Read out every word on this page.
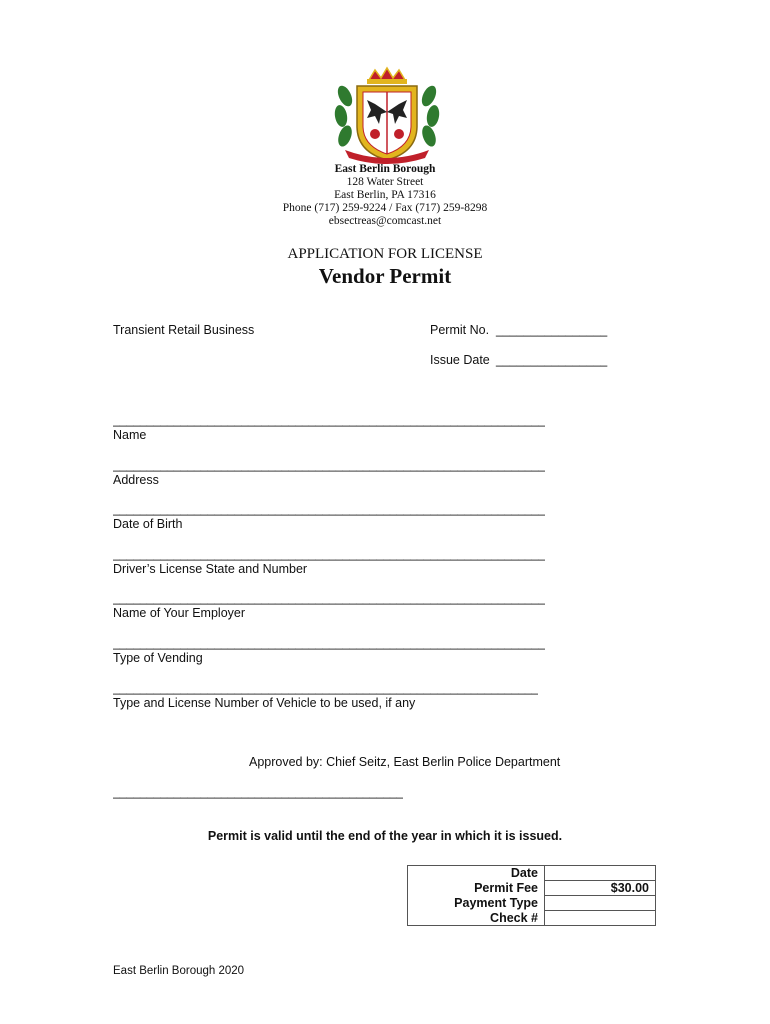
East Berlin Borough
128 Water Street
East Berlin, PA 17316
Phone (717) 259-9224 / Fax (717) 259-8298
ebsectreas@comcast.net
APPLICATION FOR LICENSE
Vendor Permit
Transient Retail Business	Permit No. ________________
Issue Date ________________
________________________________________________________________
Name
________________________________________________________________
Address
________________________________________________________________
Date of Birth
________________________________________________________________
Driver’s License State and Number
________________________________________________________________
Name of Your Employer
________________________________________________________________
Type of Vending
_______________________________________________________________
Type and License Number of Vehicle to be used, if any
Approved by: Chief Seitz, East Berlin Police Department
___________________________________________
Permit is valid until the end of the year in which it is issued.
Date	
Permit Fee	$30.00
Payment Type	
Check #	
East Berlin Borough 2020
